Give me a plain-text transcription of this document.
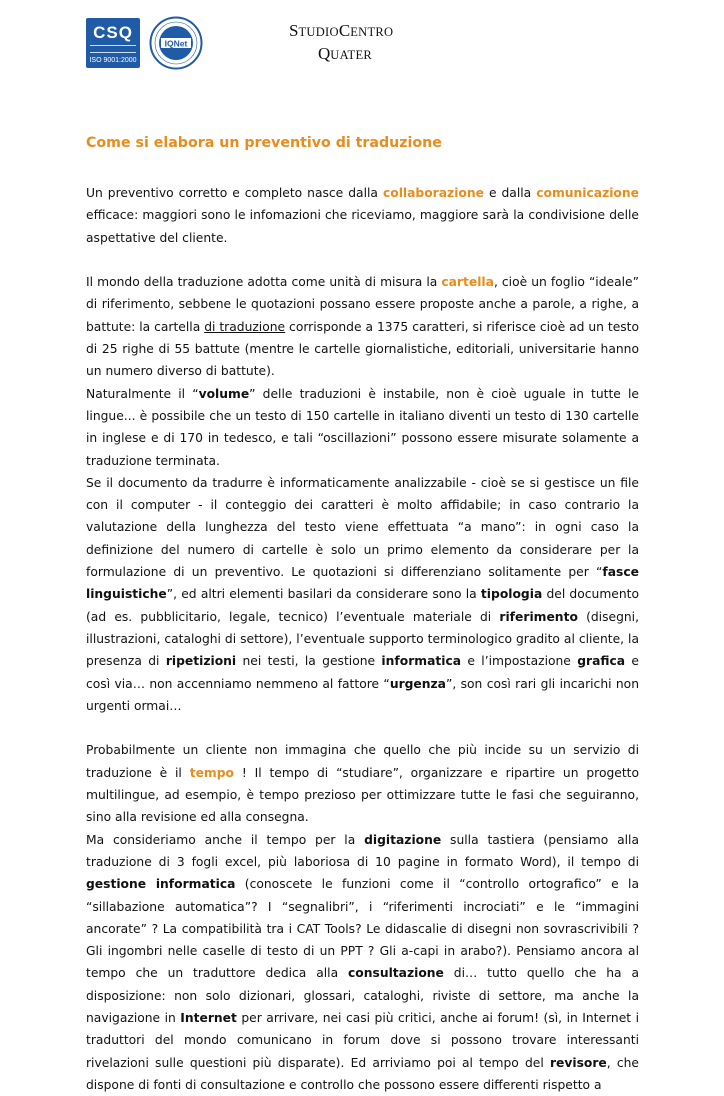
CSQ
ISO 9001:2000
IQNet
STUDIOCENTRO
QUATER
Come si elabora un preventivo di traduzione

Un preventivo corretto e completo nasce dalla collaborazione e dalla comunicazione efficace: maggiori sono le infomazioni che riceviamo, maggiore sarà la condivisione delle aspettative del cliente.

Il mondo della traduzione adotta come unità di misura la cartella, cioè un foglio “ideale” di riferimento, sebbene le quotazioni possano essere proposte anche a parole, a righe, a battute: la cartella di traduzione corrisponde a 1375 caratteri, si riferisce cioè ad un testo di 25 righe di 55 battute (mentre le cartelle giornalistiche, editoriali, universitarie hanno un numero diverso di battute).

Naturalmente il “volume” delle traduzioni è instabile, non è cioè uguale in tutte le lingue... è possibile che un testo di 150 cartelle in italiano diventi un testo di 130 cartelle in inglese e di 170 in tedesco, e tali “oscillazioni” possono essere misurate solamente a traduzione terminata.

Se il documento da tradurre è informaticamente analizzabile - cioè se si gestisce un file con il computer - il conteggio dei caratteri è molto affidabile; in caso contrario la valutazione della lunghezza del testo viene effettuata “a mano”: in ogni caso la definizione del numero di cartelle è solo un primo elemento da considerare per la formulazione di un preventivo. Le quotazioni si differenziano solitamente per “fasce linguistiche”, ed altri elementi basilari da considerare sono la tipologia del documento (ad es. pubblicitario, legale, tecnico) l’eventuale materiale di riferimento (disegni, illustrazioni, cataloghi di settore), l’eventuale supporto terminologico gradito al cliente, la presenza di ripetizioni nei testi, la gestione informatica e l’impostazione grafica e così via… non accenniamo nemmeno al fattore “urgenza”, son così rari gli incarichi non urgenti ormai…

Probabilmente un cliente non immagina che quello che più incide su un servizio di traduzione è il tempo ! Il tempo di “studiare”, organizzare e ripartire un progetto multilingue, ad esempio, è tempo prezioso per ottimizzare tutte le fasi che seguiranno, sino alla revisione ed alla consegna.

Ma consideriamo anche il tempo per la digitazione sulla tastiera (pensiamo alla traduzione di 3 fogli excel, più laboriosa di 10 pagine in formato Word), il tempo di gestione informatica (conoscete le funzioni come il “controllo ortografico” e la “sillabazione automatica”? I “segnalibri”, i “riferimenti incrociati” e le “immagini ancorate” ? La compatibilità tra i CAT Tools? Le didascalie di disegni non sovrascrivibili ? Gli ingombri nelle caselle di testo di un PPT ? Gli a-capi in arabo?). Pensiamo ancora al tempo che un traduttore dedica alla consultazione di… tutto quello che ha a disposizione: non solo dizionari, glossari, cataloghi, riviste di settore, ma anche la navigazione in Internet per arrivare, nei casi più critici, anche ai forum! (sì, in Internet i traduttori del mondo comunicano in forum dove si possono trovare interessanti rivelazioni sulle questioni più disparate). Ed arriviamo poi al tempo del revisore, che dispone di fonti di consultazione e controllo che possono essere differenti rispetto a
